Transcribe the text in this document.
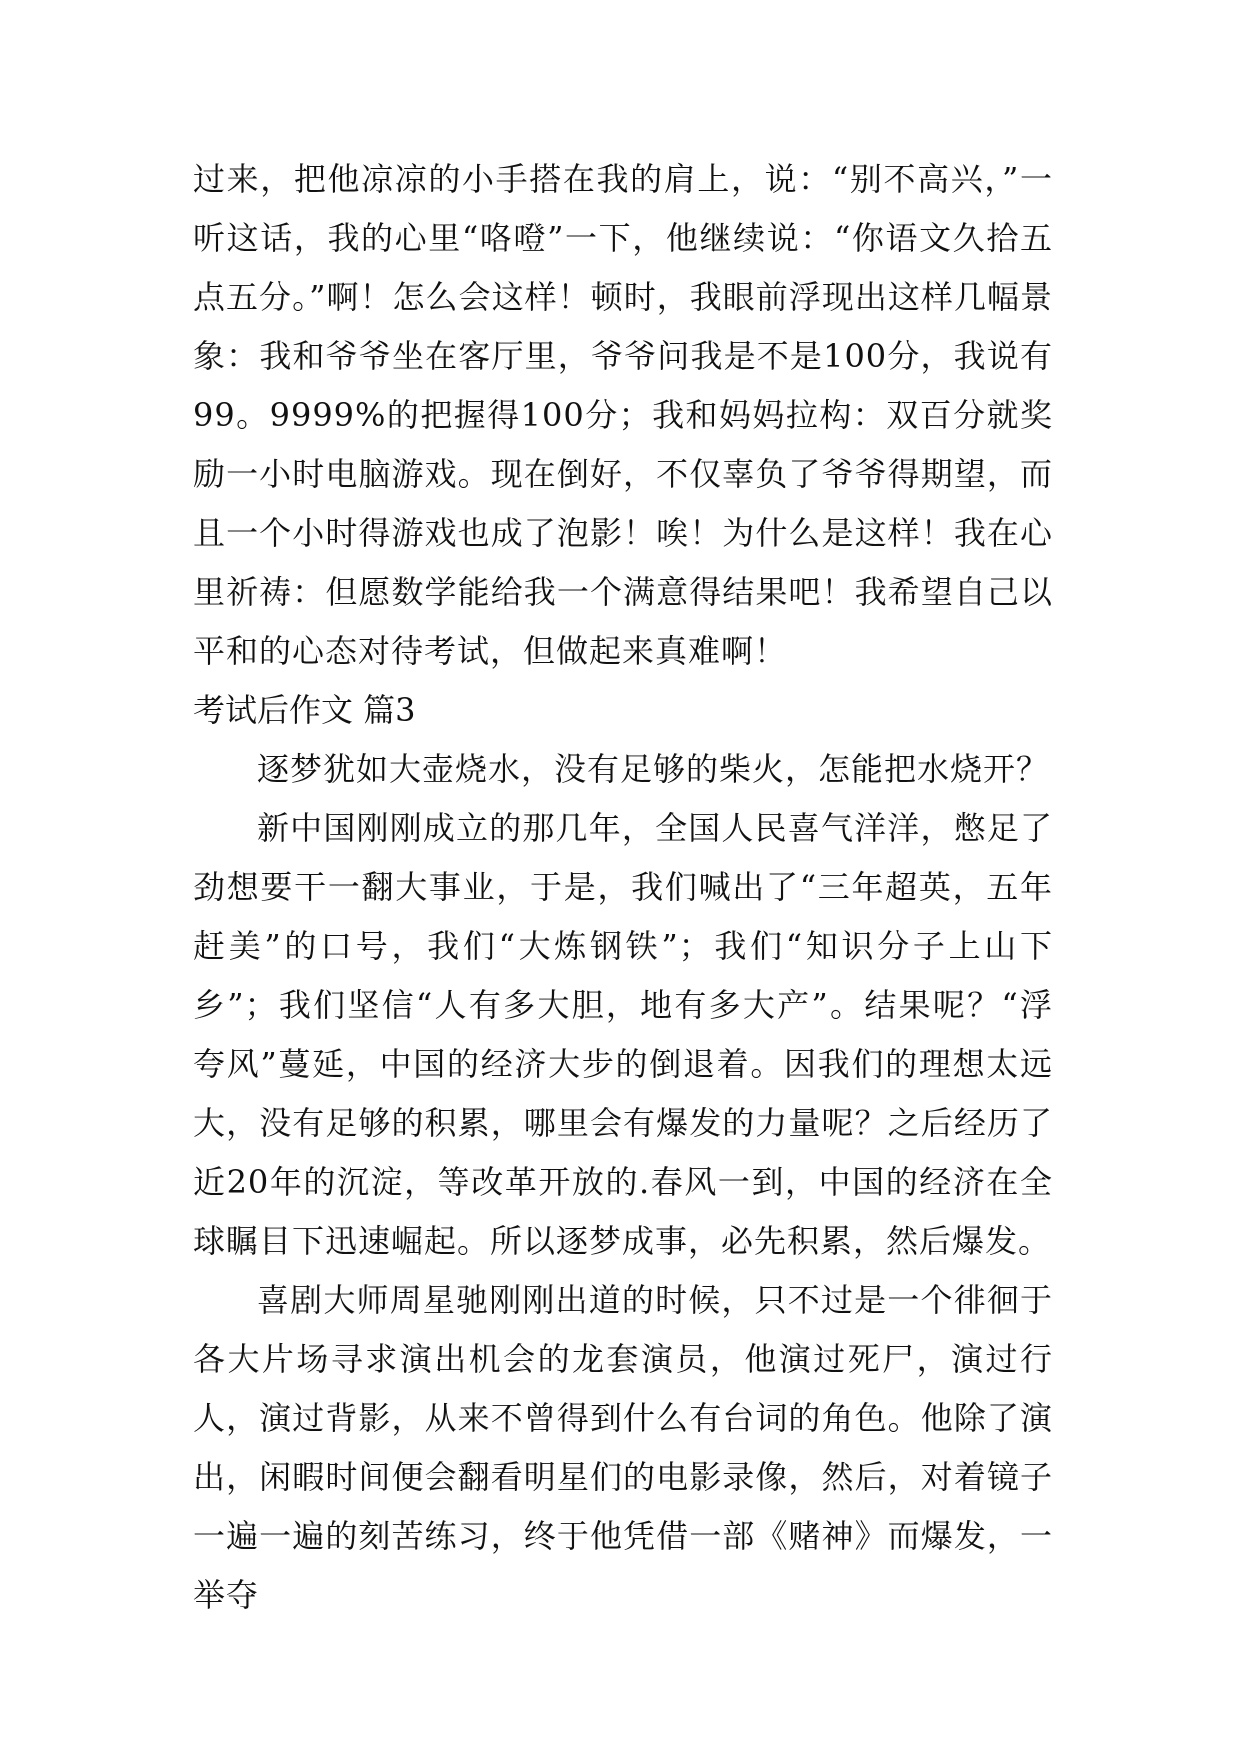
过来，把他凉凉的小手搭在我的肩上，说：“别不高兴，”一听这话，我的心里“咯噔”一下，他继续说：“你语文久拾五点五分。”啊！怎么会这样！顿时，我眼前浮现出这样几幅景象：我和爷爷坐在客厅里，爷爷问我是不是100分，我说有99。9999%的把握得100分；我和妈妈拉构：双百分就奖励一小时电脑游戏。现在倒好，不仅辜负了爷爷得期望，而且一个小时得游戏也成了泡影！唉！为什么是这样！我在心里祈祷：但愿数学能给我一个满意得结果吧！我希望自己以平和的心态对待考试，但做起来真难啊！

考试后作文 篇3

逐梦犹如大壶烧水，没有足够的柴火，怎能把水烧开？

新中国刚刚成立的那几年，全国人民喜气洋洋，憋足了劲想要干一翻大事业，于是，我们喊出了“三年超英，五年赶美”的口号，我们“大炼钢铁”；我们“知识分子上山下乡”；我们坚信“人有多大胆，地有多大产”。结果呢？“浮夸风”蔓延，中国的经济大步的倒退着。因我们的理想太远大，没有足够的积累，哪里会有爆发的力量呢？之后经历了近20年的沉淀，等改革开放的.春风一到，中国的经济在全球瞩目下迅速崛起。所以逐梦成事，必先积累，然后爆发。

喜剧大师周星驰刚刚出道的时候，只不过是一个徘徊于各大片场寻求演出机会的龙套演员，他演过死尸，演过行人，演过背影，从来不曾得到什么有台词的角色。他除了演出，闲暇时间便会翻看明星们的电影录像，然后，对着镜子一遍一遍的刻苦练习，终于他凭借一部《赌神》而爆发，一举夺
